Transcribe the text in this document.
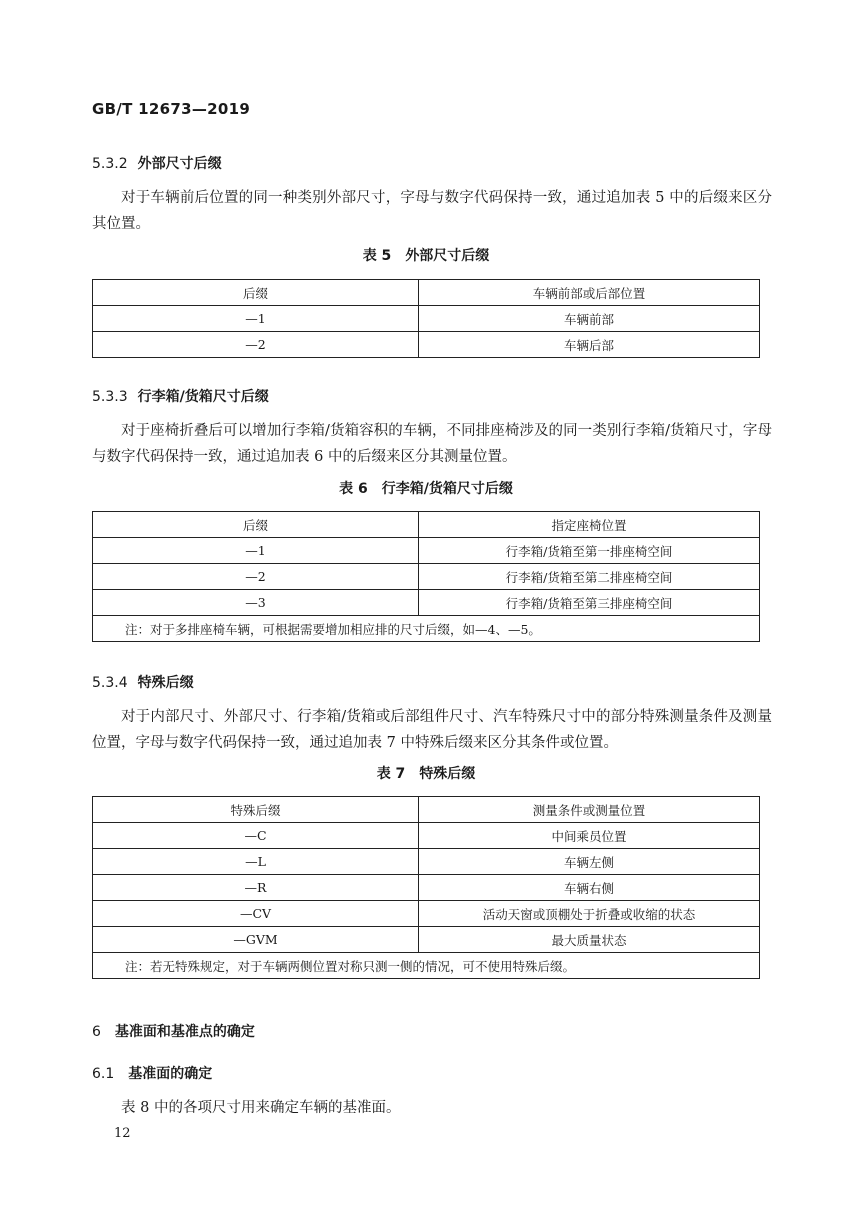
GB/T 12673—2019
5.3.2 外部尺寸后缀
对于车辆前后位置的同一种类别外部尺寸，字母与数字代码保持一致，通过追加表 5 中的后缀来区分其位置。
表 5 外部尺寸后缀
后缀	车辆前部或后部位置
—1	车辆前部
—2	车辆后部
5.3.3 行李箱/货箱尺寸后缀
对于座椅折叠后可以增加行李箱/货箱容积的车辆，不同排座椅涉及的同一类别行李箱/货箱尺寸，字母与数字代码保持一致，通过追加表 6 中的后缀来区分其测量位置。
表 6 行李箱/货箱尺寸后缀
后缀	指定座椅位置
—1	行李箱/货箱至第一排座椅空间
—2	行李箱/货箱至第二排座椅空间
—3	行李箱/货箱至第三排座椅空间
注：对于多排座椅车辆，可根据需要增加相应排的尺寸后缀，如—4、—5。	
5.3.4 特殊后缀
对于内部尺寸、外部尺寸、行李箱/货箱或后部组件尺寸、汽车特殊尺寸中的部分特殊测量条件及测量位置，字母与数字代码保持一致，通过追加表 7 中特殊后缀来区分其条件或位置。
表 7 特殊后缀
特殊后缀	测量条件或测量位置
—C	中间乘员位置
—L	车辆左侧
—R	车辆右侧
—CV	活动天窗或顶棚处于折叠或收缩的状态
—GVM	最大质量状态
注：若无特殊规定，对于车辆两侧位置对称只测一侧的情况，可不使用特殊后缀。	
6 基准面和基准点的确定
6.1 基准面的确定
表 8 中的各项尺寸用来确定车辆的基准面。
12
